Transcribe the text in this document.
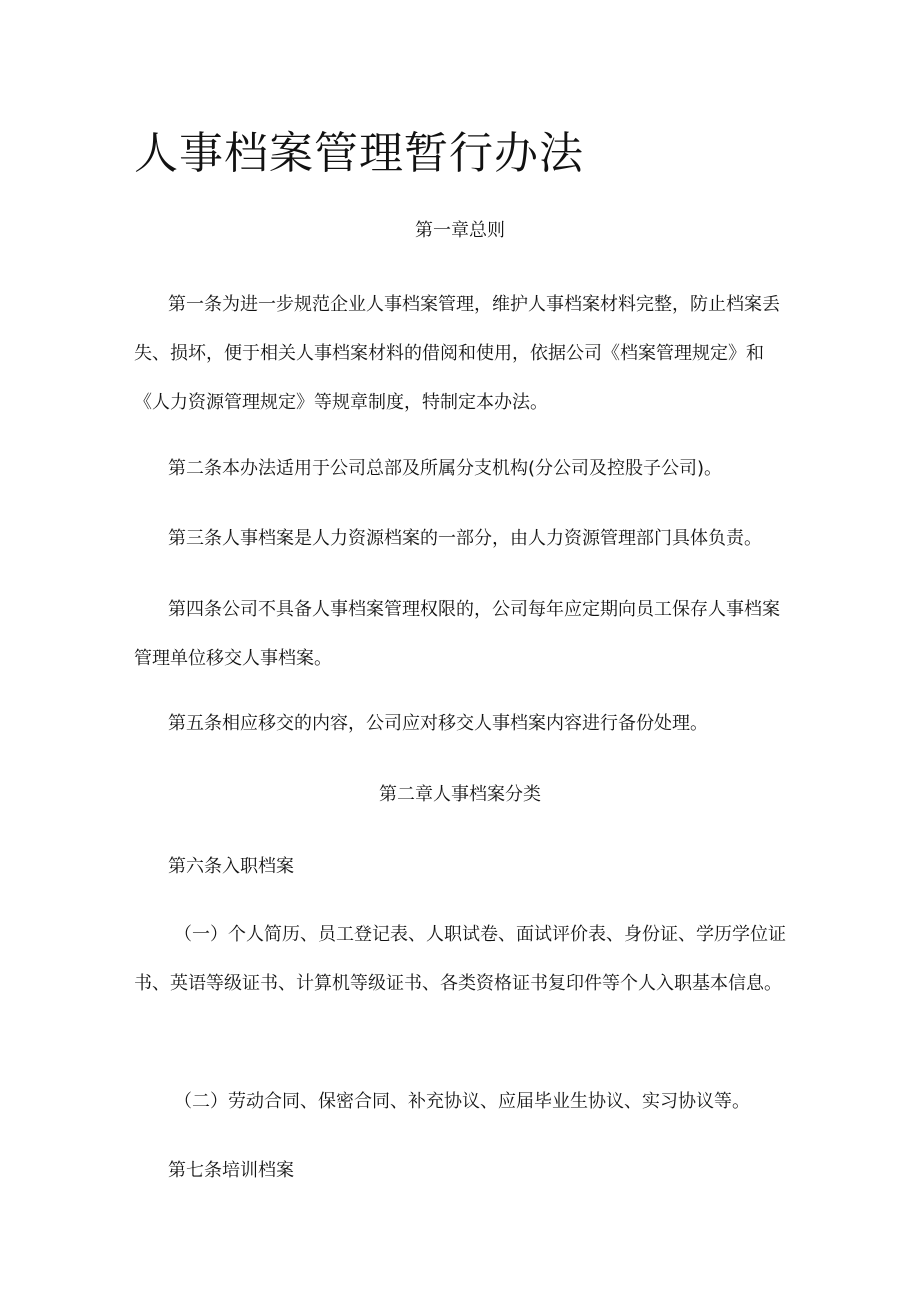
人事档案管理暂行办法
第一章总则

第一条为进一步规范企业人事档案管理，维护人事档案材料完整，防止档案丢失、损坏，便于相关人事档案材料的借阅和使用，依据公司《档案管理规定》和《人力资源管理规定》等规章制度，特制定本办法。

第二条本办法适用于公司总部及所属分支机构(分公司及控股子公司)。

第三条人事档案是人力资源档案的一部分，由人力资源管理部门具体负责。

第四条公司不具备人事档案管理权限的，公司每年应定期向员工保存人事档案管理单位移交人事档案。

第五条相应移交的内容，公司应对移交人事档案内容进行备份处理。

第二章人事档案分类

第六条入职档案

（一）个人简历、员工登记表、人职试卷、面试评价表、身份证、学历学位证书、英语等级证书、计算机等级证书、各类资格证书复印件等个人入职基本信息。

（二）劳动合同、保密合同、补充协议、应届毕业生协议、实习协议等。

第七条培训档案
